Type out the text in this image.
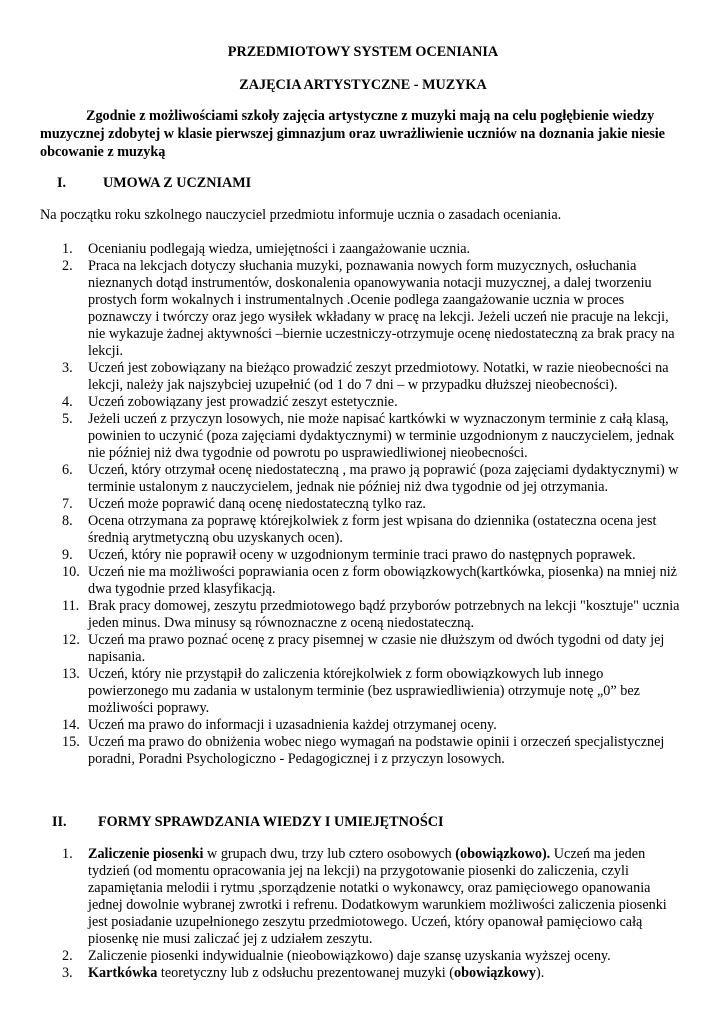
PRZEDMIOTOWY SYSTEM OCENIANIA
ZAJĘCIA ARTYSTYCZNE - MUZYKA
Zgodnie z możliwościami szkoły zajęcia artystyczne z muzyki mają na celu pogłębienie wiedzy muzycznej zdobytej w klasie pierwszej gimnazjum oraz uwrażliwienie uczniów na doznania jakie niesie obcowanie z muzyką
I.	UMOWA Z UCZNIAMI
Na początku roku szkolnego nauczyciel przedmiotu informuje ucznia o zasadach oceniania.
1.	Ocenianiu podlegają wiedza, umiejętności i zaangażowanie ucznia.
2.	Praca na lekcjach dotyczy słuchania muzyki, poznawania nowych form muzycznych, osłuchania nieznanych dotąd instrumentów, doskonalenia opanowywania notacji muzycznej, a dalej tworzeniu prostych form wokalnych i instrumentalnych .Ocenie podlega zaangażowanie ucznia w proces poznawczy i twórczy oraz jego wysiłek wkładany w pracę na lekcji. Jeżeli uczeń nie pracuje na lekcji, nie wykazuje żadnej aktywności –biernie uczestniczy-otrzymuje ocenę niedostateczną za brak pracy na lekcji.
3.	Uczeń jest zobowiązany na bieżąco prowadzić zeszyt przedmiotowy. Notatki, w razie nieobecności na lekcji, należy jak najszybciej uzupełnić (od 1 do 7 dni – w przypadku dłuższej nieobecności).
4.	Uczeń zobowiązany jest prowadzić zeszyt estetycznie.
5.	Jeżeli uczeń z przyczyn losowych, nie może napisać kartkówki w wyznaczonym terminie z całą klasą, powinien to uczynić (poza zajęciami dydaktycznymi) w terminie uzgodnionym z nauczycielem, jednak nie później niż dwa tygodnie od powrotu po usprawiedliwionej nieobecności.
6.	Uczeń, który otrzymał ocenę niedostateczną , ma prawo ją poprawić (poza zajęciami dydaktycznymi) w terminie ustalonym z nauczycielem, jednak nie później niż dwa tygodnie od jej otrzymania.
7.	Uczeń może poprawić daną ocenę niedostateczną tylko raz.
8.	Ocena otrzymana za poprawę którejkolwiek z form jest wpisana do dziennika (ostateczna ocena jest średnią arytmetyczną obu uzyskanych ocen).
9.	Uczeń, który nie poprawił oceny w uzgodnionym terminie traci prawo do następnych poprawek.
10. Uczeń nie ma możliwości poprawiania ocen z form obowiązkowych(kartkówka, piosenka) na mniej niż dwa tygodnie przed klasyfikacją.
11. Brak pracy domowej, zeszytu przedmiotowego bądź przyborów potrzebnych na lekcji "kosztuje" ucznia jeden minus. Dwa minusy są równoznaczne z oceną niedostateczną.
12. Uczeń ma prawo poznać ocenę z pracy pisemnej w czasie nie dłuższym od dwóch tygodni od daty jej napisania.
13. Uczeń, który nie przystąpił do zaliczenia którejkolwiek z form obowiązkowych lub innego powierzonego mu zadania w ustalonym terminie (bez usprawiedliwienia) otrzymuje notę „0” bez możliwości poprawy.
14. Uczeń ma prawo do informacji i uzasadnienia każdej otrzymanej oceny.
15. Uczeń ma prawo do obniżenia wobec niego wymagań na podstawie opinii i orzeczeń specjalistycznej poradni, Poradni Psychologiczno - Pedagogicznej i z przyczyn losowych.
II. FORMY SPRAWDZANIA WIEDZY I UMIEJĘTNOŚCI
1.	Zaliczenie piosenki w grupach dwu, trzy lub cztero osobowych (obowiązkowo). Uczeń ma jeden tydzień (od momentu opracowania jej na lekcji) na przygotowanie piosenki do zaliczenia, czyli zapamiętania melodii i rytmu ,sporządzenie notatki o wykonawcy, oraz pamięciowego opanowania jednej dowolnie wybranej zwrotki i refrenu. Dodatkowym warunkiem możliwości zaliczenia piosenki jest posiadanie uzupełnionego zeszytu przedmiotowego. Uczeń, który opanował pamięciowo całą piosenkę nie musi zaliczać jej z udziałem zeszytu.
2.	Zaliczenie piosenki indywidualnie (nieobowiązkowo) daje szansę uzyskania wyższej oceny.
3.	Kartkówka teoretyczny lub z odsłuchu prezentowanej muzyki (obowiązkowy).
